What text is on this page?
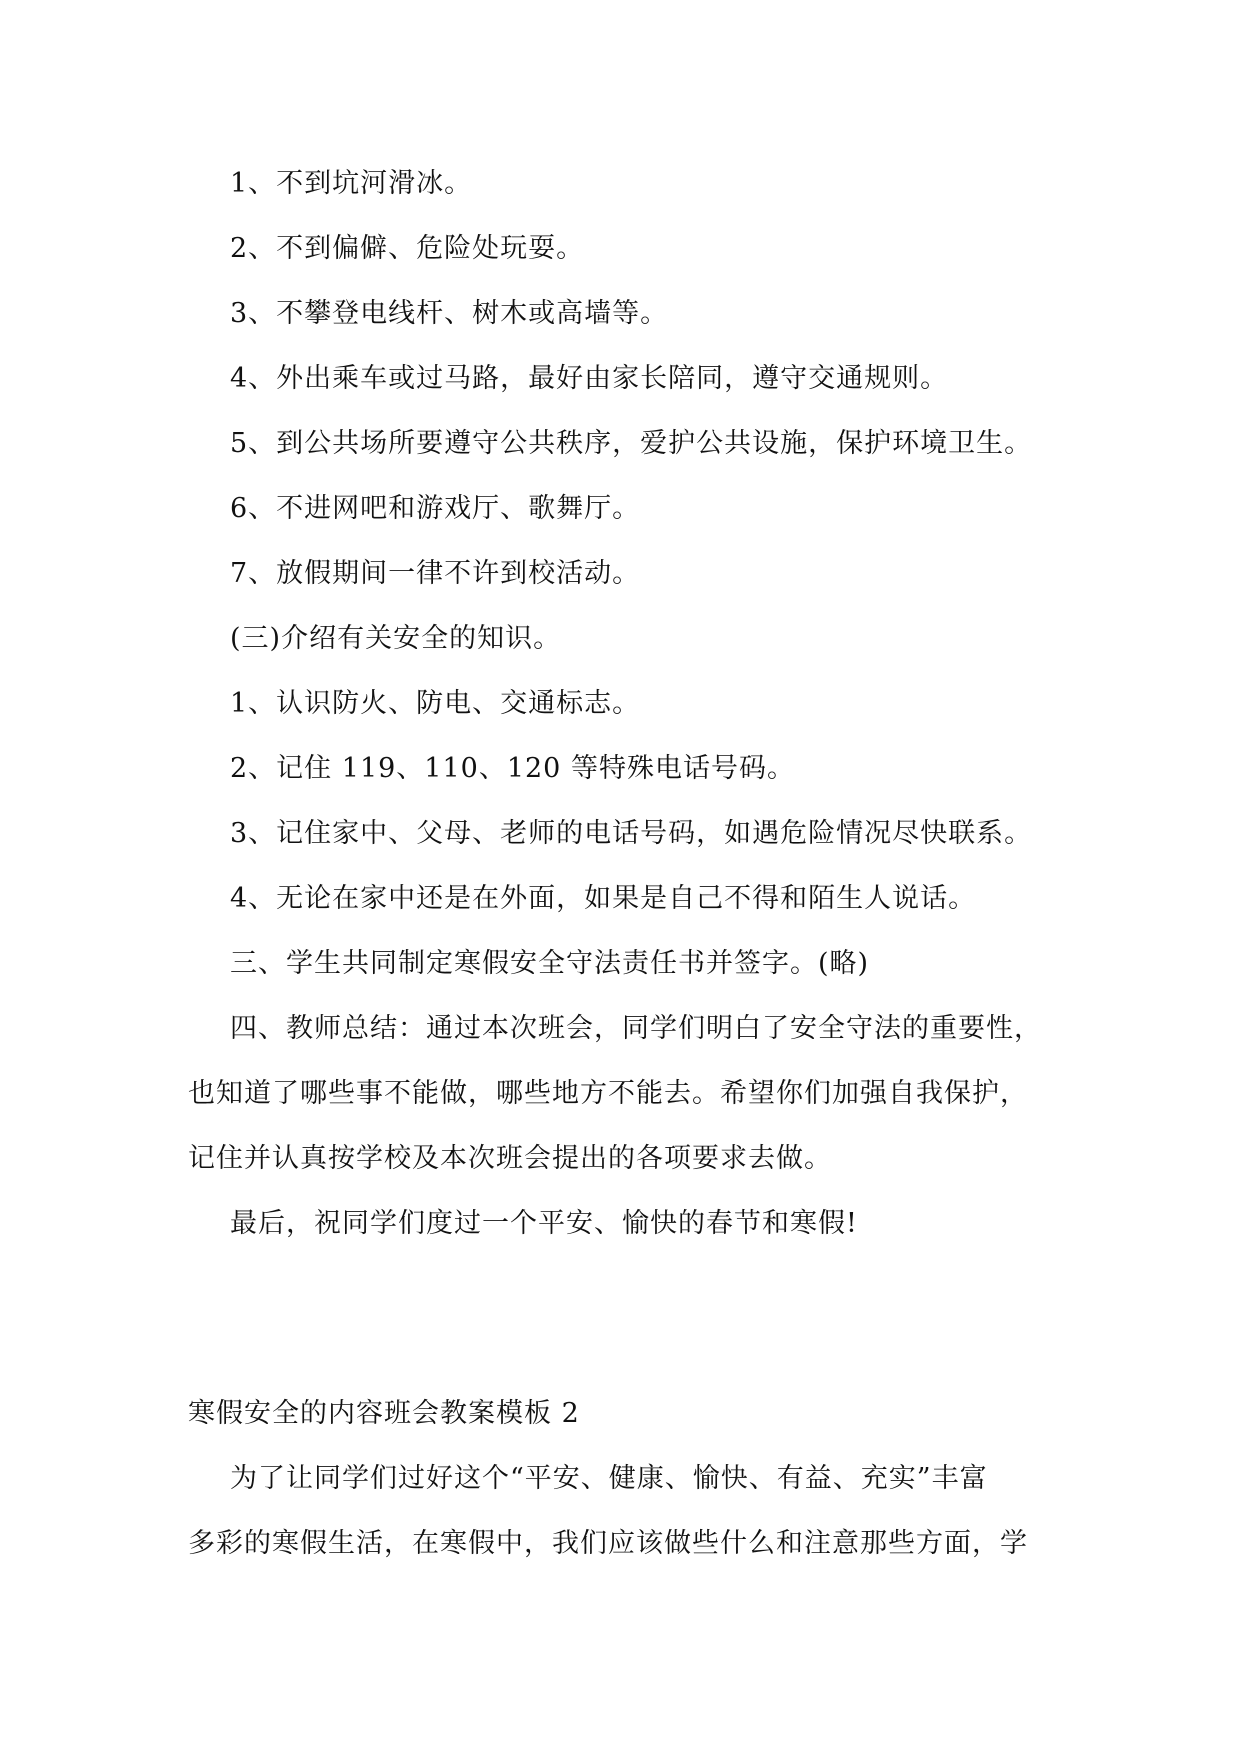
1、不到坑河滑冰。
2、不到偏僻、危险处玩耍。
3、不攀登电线杆、树木或高墙等。
4、外出乘车或过马路，最好由家长陪同，遵守交通规则。
5、到公共场所要遵守公共秩序，爱护公共设施，保护环境卫生。
6、不进网吧和游戏厅、歌舞厅。
7、放假期间一律不许到校活动。
(三)介绍有关安全的知识。
1、认识防火、防电、交通标志。
2、记住 119、110、120 等特殊电话号码。
3、记住家中、父母、老师的电话号码，如遇危险情况尽快联系。
4、无论在家中还是在外面，如果是自己不得和陌生人说话。
三、学生共同制定寒假安全守法责任书并签字。(略)
四、教师总结：通过本次班会，同学们明白了安全守法的重要性，
也知道了哪些事不能做，哪些地方不能去。希望你们加强自我保护，
记住并认真按学校及本次班会提出的各项要求去做。
最后，祝同学们度过一个平安、愉快的春节和寒假!
寒假安全的内容班会教案模板 2
为了让同学们过好这个“平安、健康、愉快、有益、充实”丰富
多彩的寒假生活，在寒假中，我们应该做些什么和注意那些方面，学
